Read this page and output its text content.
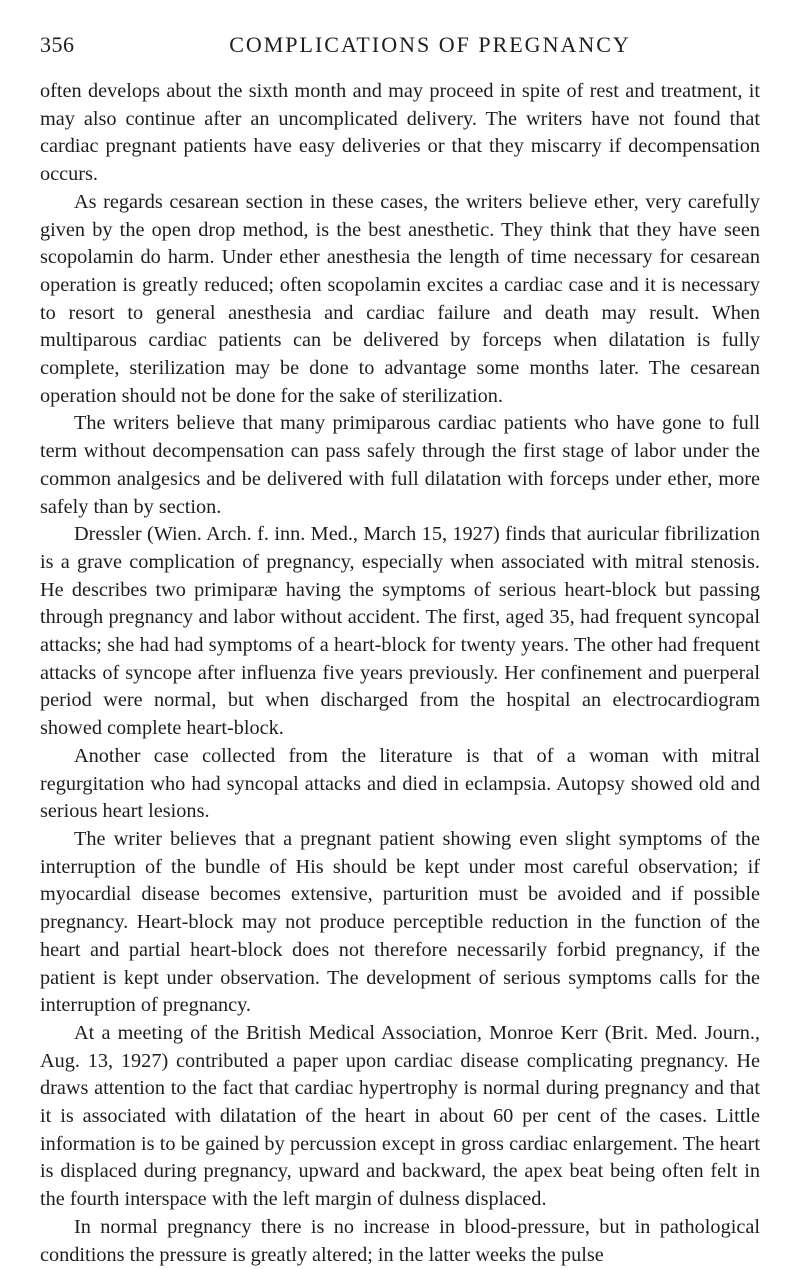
356	COMPLICATIONS OF PREGNANCY

often develops about the sixth month and may proceed in spite of rest and treatment, it may also continue after an uncomplicated delivery. The writers have not found that cardiac pregnant patients have easy deliveries or that they miscarry if decompensation occurs.

As regards cesarean section in these cases, the writers believe ether, very carefully given by the open drop method, is the best anesthetic. They think that they have seen scopolamin do harm. Under ether anesthesia the length of time necessary for cesarean operation is greatly reduced; often scopolamin excites a cardiac case and it is necessary to resort to general anesthesia and cardiac failure and death may result. When multiparous cardiac patients can be delivered by forceps when dilatation is fully complete, sterilization may be done to advantage some months later. The cesarean operation should not be done for the sake of sterilization.

The writers believe that many primiparous cardiac patients who have gone to full term without decompensation can pass safely through the first stage of labor under the common analgesics and be delivered with full dilatation with forceps under ether, more safely than by section.

Dressler (Wien. Arch. f. inn. Med., March 15, 1927) finds that auricular fibrilization is a grave complication of pregnancy, especially when associated with mitral stenosis. He describes two primiparæ having the symptoms of serious heart-block but passing through pregnancy and labor without accident. The first, aged 35, had frequent syncopal attacks; she had had symptoms of a heart-block for twenty years. The other had frequent attacks of syncope after influenza five years previously. Her confinement and puerperal period were normal, but when discharged from the hospital an electrocardiogram showed complete heart-block.

Another case collected from the literature is that of a woman with mitral regurgitation who had syncopal attacks and died in eclampsia. Autopsy showed old and serious heart lesions.

The writer believes that a pregnant patient showing even slight symptoms of the interruption of the bundle of His should be kept under most careful observation; if myocardial disease becomes extensive, parturition must be avoided and if possible pregnancy. Heart-block may not produce perceptible reduction in the function of the heart and partial heart-block does not therefore necessarily forbid pregnancy, if the patient is kept under observation. The development of serious symptoms calls for the interruption of pregnancy.

At a meeting of the British Medical Association, Monroe Kerr (Brit. Med. Journ., Aug. 13, 1927) contributed a paper upon cardiac disease complicating pregnancy. He draws attention to the fact that cardiac hypertrophy is normal during pregnancy and that it is associated with dilatation of the heart in about 60 per cent of the cases. Little information is to be gained by percussion except in gross cardiac enlargement. The heart is displaced during pregnancy, upward and backward, the apex beat being often felt in the fourth interspace with the left margin of dulness displaced.

In normal pregnancy there is no increase in blood-pressure, but in pathological conditions the pressure is greatly altered; in the latter weeks the pulse
